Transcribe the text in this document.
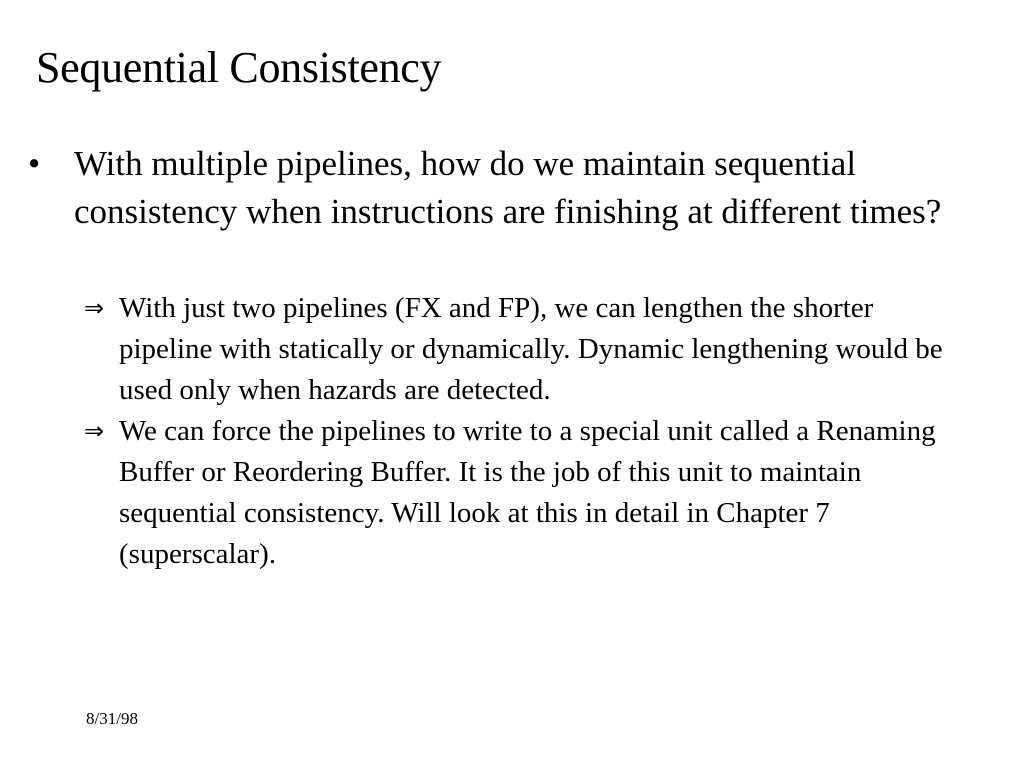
Sequential Consistency
• With multiple pipelines, how do we maintain sequential consistency when instructions are finishing at different times?
⇒ With just two pipelines (FX and FP), we can lengthen the shorter pipeline with statically or dynamically. Dynamic lengthening would be used only when hazards are detected.
⇒ We can force the pipelines to write to a special unit called a Renaming Buffer or Reordering Buffer. It is the job of this unit to maintain sequential consistency. Will look at this in detail in Chapter 7 (superscalar).
8/31/98
